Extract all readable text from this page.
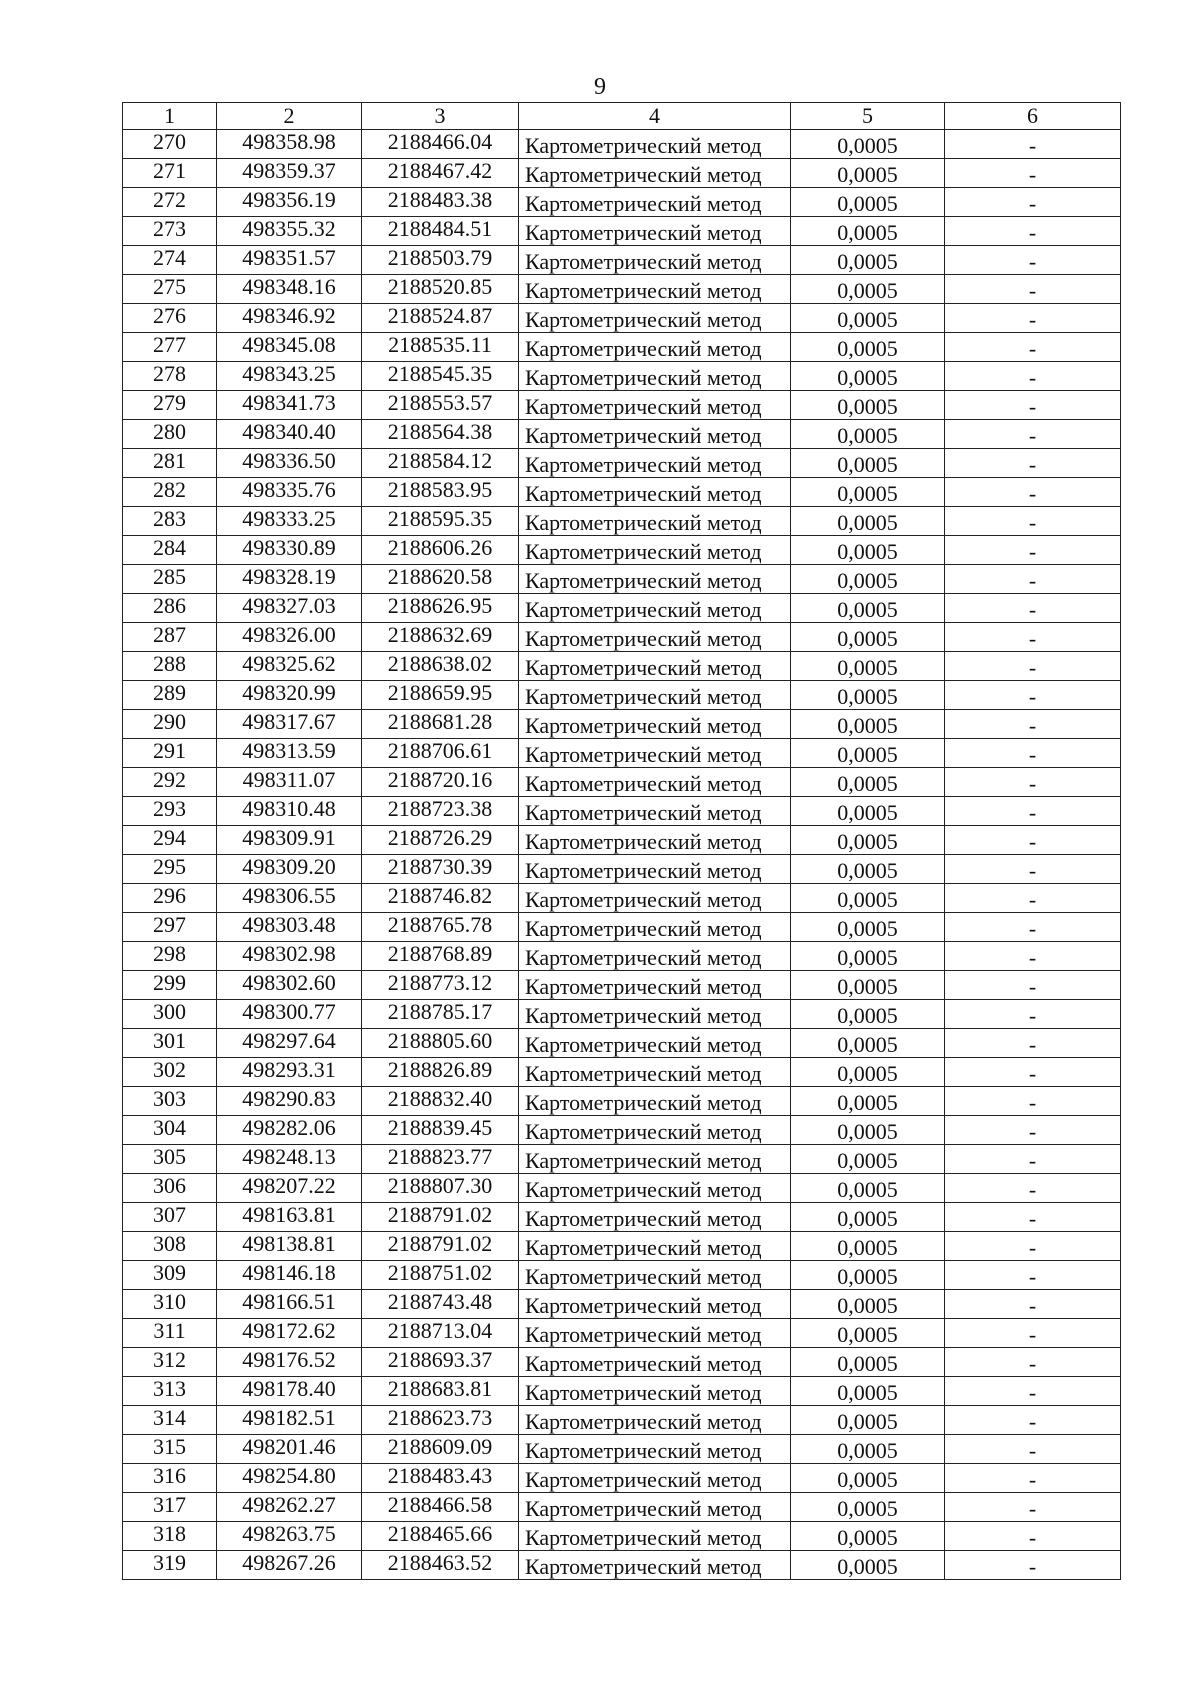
9
1	2	3	4	5	6
270	498358.98	2188466.04	Картометрический метод	0,0005	-
271	498359.37	2188467.42	Картометрический метод	0,0005	-
272	498356.19	2188483.38	Картометрический метод	0,0005	-
273	498355.32	2188484.51	Картометрический метод	0,0005	-
274	498351.57	2188503.79	Картометрический метод	0,0005	-
275	498348.16	2188520.85	Картометрический метод	0,0005	-
276	498346.92	2188524.87	Картометрический метод	0,0005	-
277	498345.08	2188535.11	Картометрический метод	0,0005	-
278	498343.25	2188545.35	Картометрический метод	0,0005	-
279	498341.73	2188553.57	Картометрический метод	0,0005	-
280	498340.40	2188564.38	Картометрический метод	0,0005	-
281	498336.50	2188584.12	Картометрический метод	0,0005	-
282	498335.76	2188583.95	Картометрический метод	0,0005	-
283	498333.25	2188595.35	Картометрический метод	0,0005	-
284	498330.89	2188606.26	Картометрический метод	0,0005	-
285	498328.19	2188620.58	Картометрический метод	0,0005	-
286	498327.03	2188626.95	Картометрический метод	0,0005	-
287	498326.00	2188632.69	Картометрический метод	0,0005	-
288	498325.62	2188638.02	Картометрический метод	0,0005	-
289	498320.99	2188659.95	Картометрический метод	0,0005	-
290	498317.67	2188681.28	Картометрический метод	0,0005	-
291	498313.59	2188706.61	Картометрический метод	0,0005	-
292	498311.07	2188720.16	Картометрический метод	0,0005	-
293	498310.48	2188723.38	Картометрический метод	0,0005	-
294	498309.91	2188726.29	Картометрический метод	0,0005	-
295	498309.20	2188730.39	Картометрический метод	0,0005	-
296	498306.55	2188746.82	Картометрический метод	0,0005	-
297	498303.48	2188765.78	Картометрический метод	0,0005	-
298	498302.98	2188768.89	Картометрический метод	0,0005	-
299	498302.60	2188773.12	Картометрический метод	0,0005	-
300	498300.77	2188785.17	Картометрический метод	0,0005	-
301	498297.64	2188805.60	Картометрический метод	0,0005	-
302	498293.31	2188826.89	Картометрический метод	0,0005	-
303	498290.83	2188832.40	Картометрический метод	0,0005	-
304	498282.06	2188839.45	Картометрический метод	0,0005	-
305	498248.13	2188823.77	Картометрический метод	0,0005	-
306	498207.22	2188807.30	Картометрический метод	0,0005	-
307	498163.81	2188791.02	Картометрический метод	0,0005	-
308	498138.81	2188791.02	Картометрический метод	0,0005	-
309	498146.18	2188751.02	Картометрический метод	0,0005	-
310	498166.51	2188743.48	Картометрический метод	0,0005	-
311	498172.62	2188713.04	Картометрический метод	0,0005	-
312	498176.52	2188693.37	Картометрический метод	0,0005	-
313	498178.40	2188683.81	Картометрический метод	0,0005	-
314	498182.51	2188623.73	Картометрический метод	0,0005	-
315	498201.46	2188609.09	Картометрический метод	0,0005	-
316	498254.80	2188483.43	Картометрический метод	0,0005	-
317	498262.27	2188466.58	Картометрический метод	0,0005	-
318	498263.75	2188465.66	Картометрический метод	0,0005	-
319	498267.26	2188463.52	Картометрический метод	0,0005	-
